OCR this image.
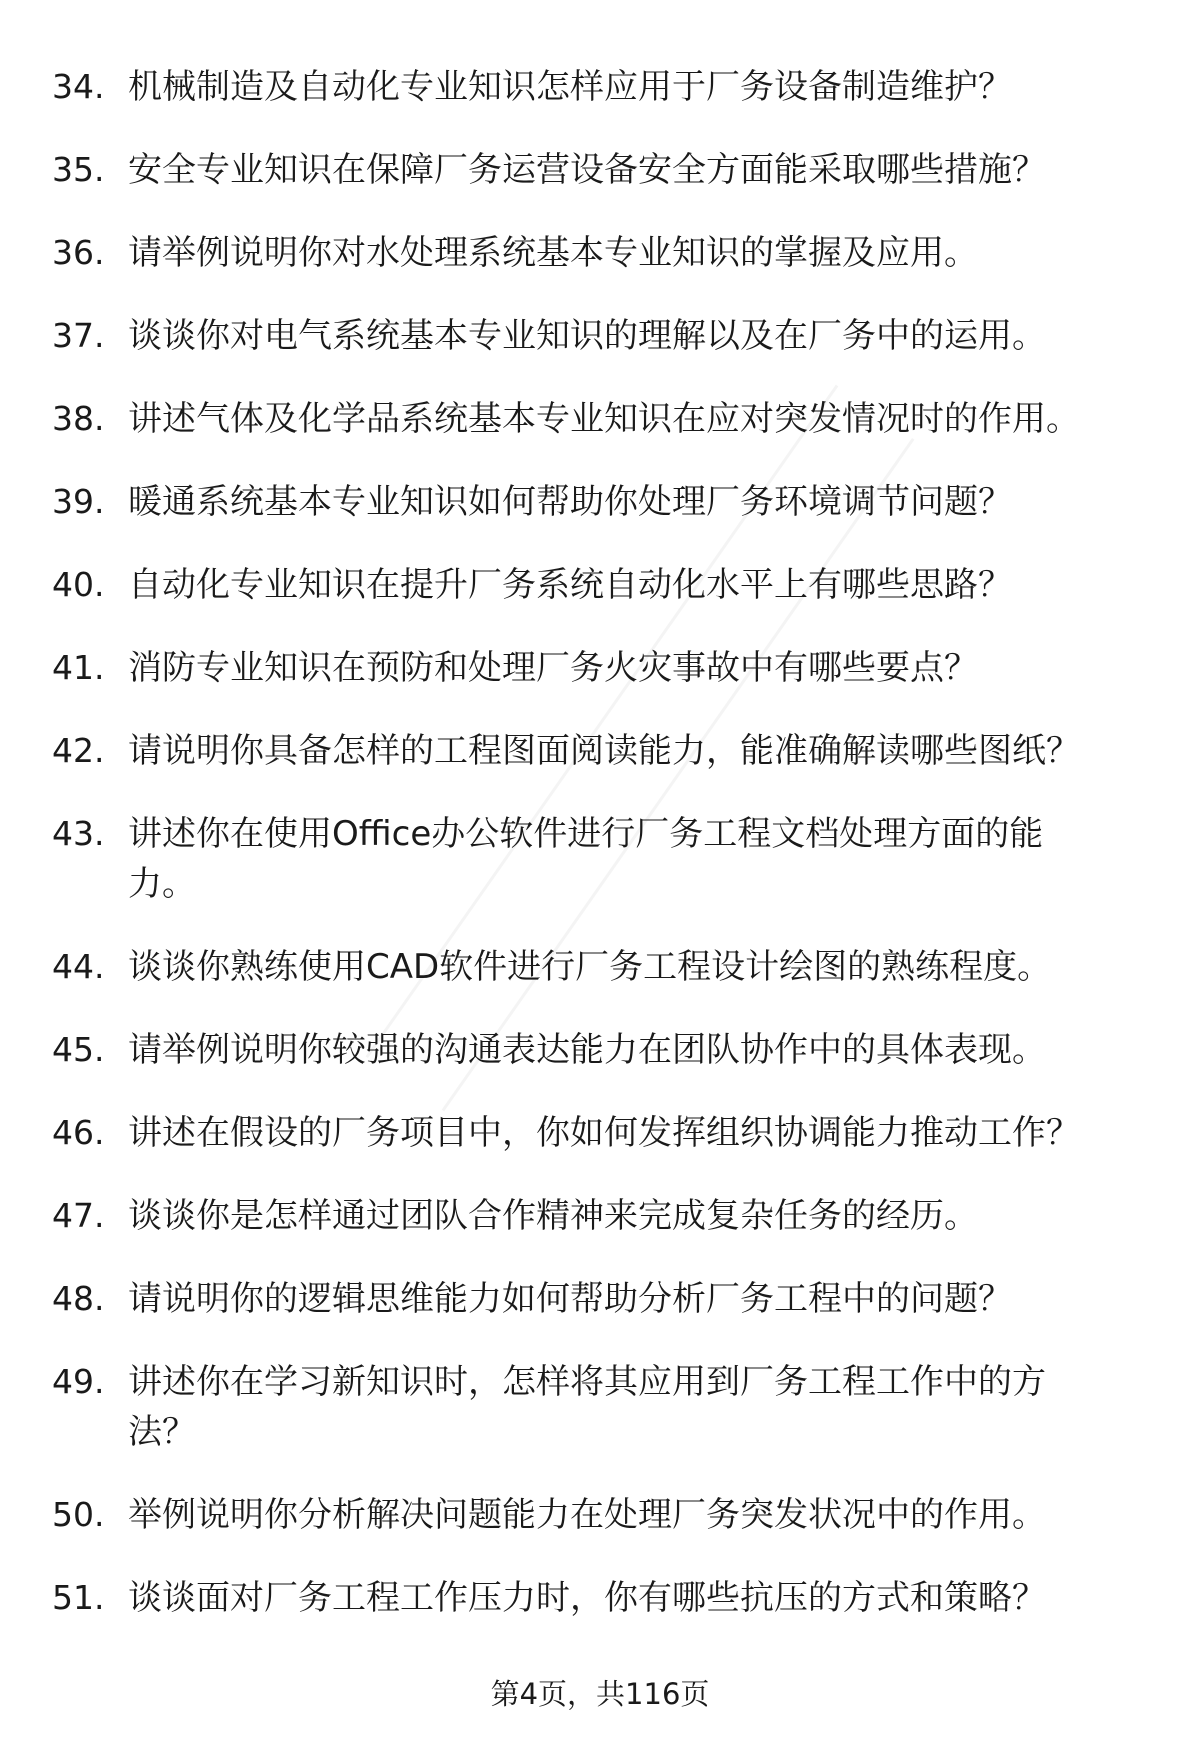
34. 机械制造及自动化专业知识怎样应用于厂务设备制造维护？
35. 安全专业知识在保障厂务运营设备安全方面能采取哪些措施？
36. 请举例说明你对水处理系统基本专业知识的掌握及应用。
37. 谈谈你对电气系统基本专业知识的理解以及在厂务中的运用。
38. 讲述气体及化学品系统基本专业知识在应对突发情况时的作用。
39. 暖通系统基本专业知识如何帮助你处理厂务环境调节问题？
40. 自动化专业知识在提升厂务系统自动化水平上有哪些思路？
41. 消防专业知识在预防和处理厂务火灾事故中有哪些要点？
42. 请说明你具备怎样的工程图面阅读能力，能准确解读哪些图纸？
43. 讲述你在使用Office办公软件进行厂务工程文档处理方面的能
力。
44. 谈谈你熟练使用CAD软件进行厂务工程设计绘图的熟练程度。
45. 请举例说明你较强的沟通表达能力在团队协作中的具体表现。
46. 讲述在假设的厂务项目中，你如何发挥组织协调能力推动工作？
47. 谈谈你是怎样通过团队合作精神来完成复杂任务的经历。
48. 请说明你的逻辑思维能力如何帮助分析厂务工程中的问题？
49. 讲述你在学习新知识时，怎样将其应用到厂务工程工作中的方
法？
50. 举例说明你分析解决问题能力在处理厂务突发状况中的作用。
51. 谈谈面对厂务工程工作压力时，你有哪些抗压的方式和策略？
第4页，共116页
